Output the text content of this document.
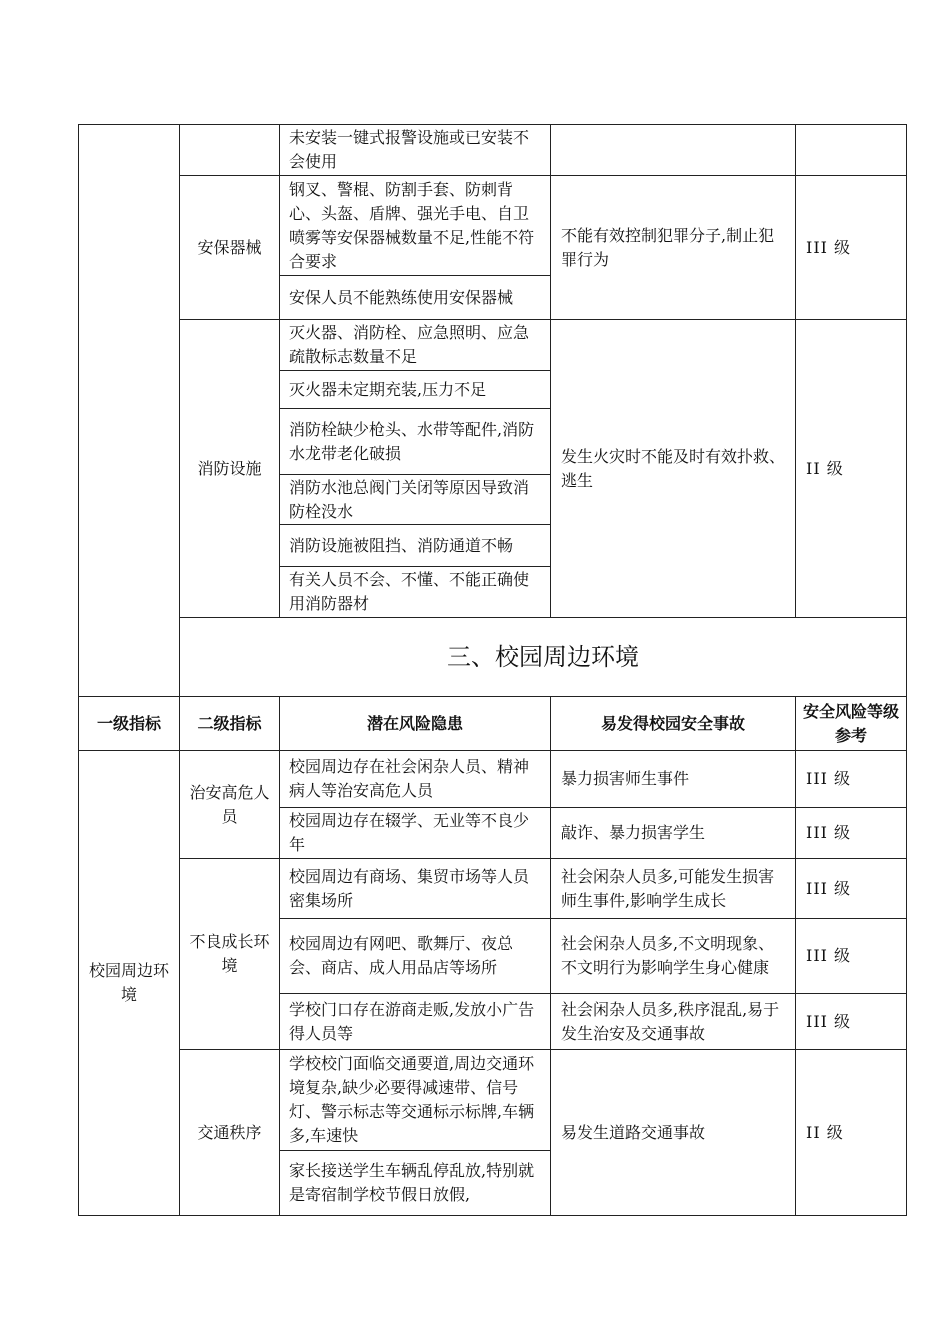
		未安装一键式报警设施或已安装不会使用		
	安保器械	钢叉、警棍、防割手套、防刺背心、头盔、盾牌、强光手电、自卫喷雾等安保器械数量不足,性能不符合要求	不能有效控制犯罪分子,制止犯罪行为	III 级
		安保人员不能熟练使用安保器械		
	消防设施	灭火器、消防栓、应急照明、应急疏散标志数量不足	发生火灾时不能及时有效扑救、逃生	II 级
		灭火器未定期充装,压力不足		
		消防栓缺少枪头、水带等配件,消防水龙带老化破损		
		消防水池总阀门关闭等原因导致消防栓没水		
		消防设施被阻挡、消防通道不畅		
		有关人员不会、不懂、不能正确使用消防器材		
	三、校园周边环境			
一级指标	二级指标	潜在风险隐患	易发得校园安全事故	安全风险等级参考
校园周边环境	治安高危人员	校园周边存在社会闲杂人员、精神病人等治安高危人员	暴力损害师生事件	III 级
		校园周边存在辍学、无业等不良少年	敲诈、暴力损害学生	III 级
	不良成长环境	校园周边有商场、集贸市场等人员密集场所	社会闲杂人员多,可能发生损害师生事件,影响学生成长	III 级
		校园周边有网吧、歌舞厅、夜总会、商店、成人用品店等场所	社会闲杂人员多,不文明现象、不文明行为影响学生身心健康	III 级
		学校门口存在游商走贩,发放小广告得人员等	社会闲杂人员多,秩序混乱,易于发生治安及交通事故	III 级
	交通秩序	学校校门面临交通要道,周边交通环境复杂,缺少必要得减速带、信号灯、警示标志等交通标示标牌,车辆多,车速快	易发生道路交通事故	II 级
		家长接送学生车辆乱停乱放,特别就是寄宿制学校节假日放假,		
